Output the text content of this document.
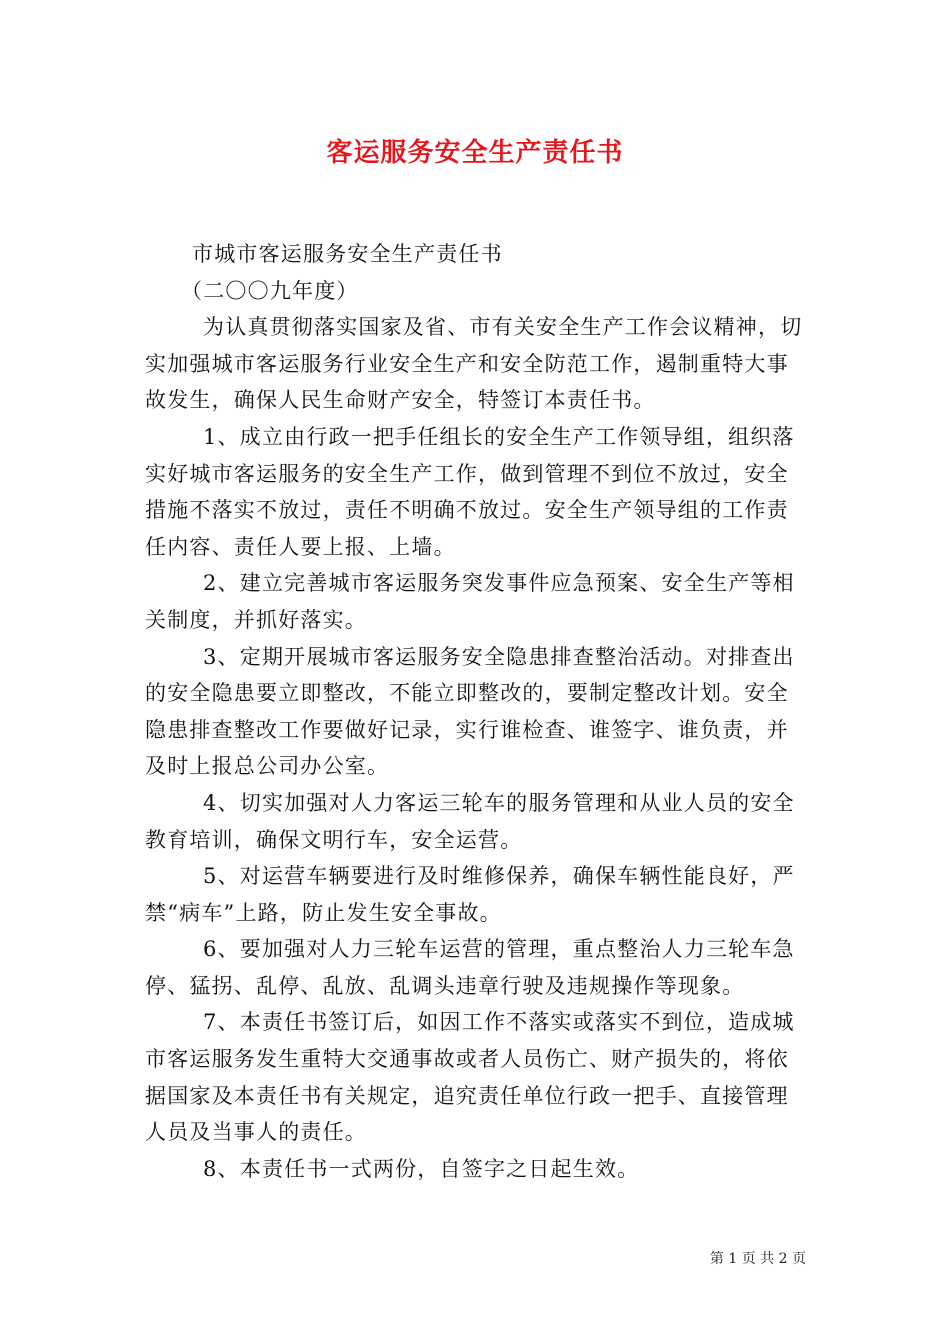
客运服务安全生产责任书
市城市客运服务安全生产责任书
（二〇〇九年度）
为认真贯彻落实国家及省、市有关安全生产工作会议精神，切
实加强城市客运服务行业安全生产和安全防范工作，遏制重特大事
故发生，确保人民生命财产安全，特签订本责任书。
1、成立由行政一把手任组长的安全生产工作领导组，组织落
实好城市客运服务的安全生产工作，做到管理不到位不放过，安全
措施不落实不放过，责任不明确不放过。安全生产领导组的工作责
任内容、责任人要上报、上墙。
2、建立完善城市客运服务突发事件应急预案、安全生产等相
关制度，并抓好落实。
3、定期开展城市客运服务安全隐患排查整治活动。对排查出
的安全隐患要立即整改，不能立即整改的，要制定整改计划。安全
隐患排查整改工作要做好记录，实行谁检查、谁签字、谁负责，并
及时上报总公司办公室。
4、切实加强对人力客运三轮车的服务管理和从业人员的安全
教育培训，确保文明行车，安全运营。
5、对运营车辆要进行及时维修保养，确保车辆性能良好，严
禁“病车”上路，防止发生安全事故。
6、要加强对人力三轮车运营的管理，重点整治人力三轮车急
停、猛拐、乱停、乱放、乱调头违章行驶及违规操作等现象。
7、本责任书签订后，如因工作不落实或落实不到位，造成城
市客运服务发生重特大交通事故或者人员伤亡、财产损失的，将依
据国家及本责任书有关规定，追究责任单位行政一把手、直接管理
人员及当事人的责任。
8、本责任书一式两份，自签字之日起生效。
第 1 页 共 2 页
